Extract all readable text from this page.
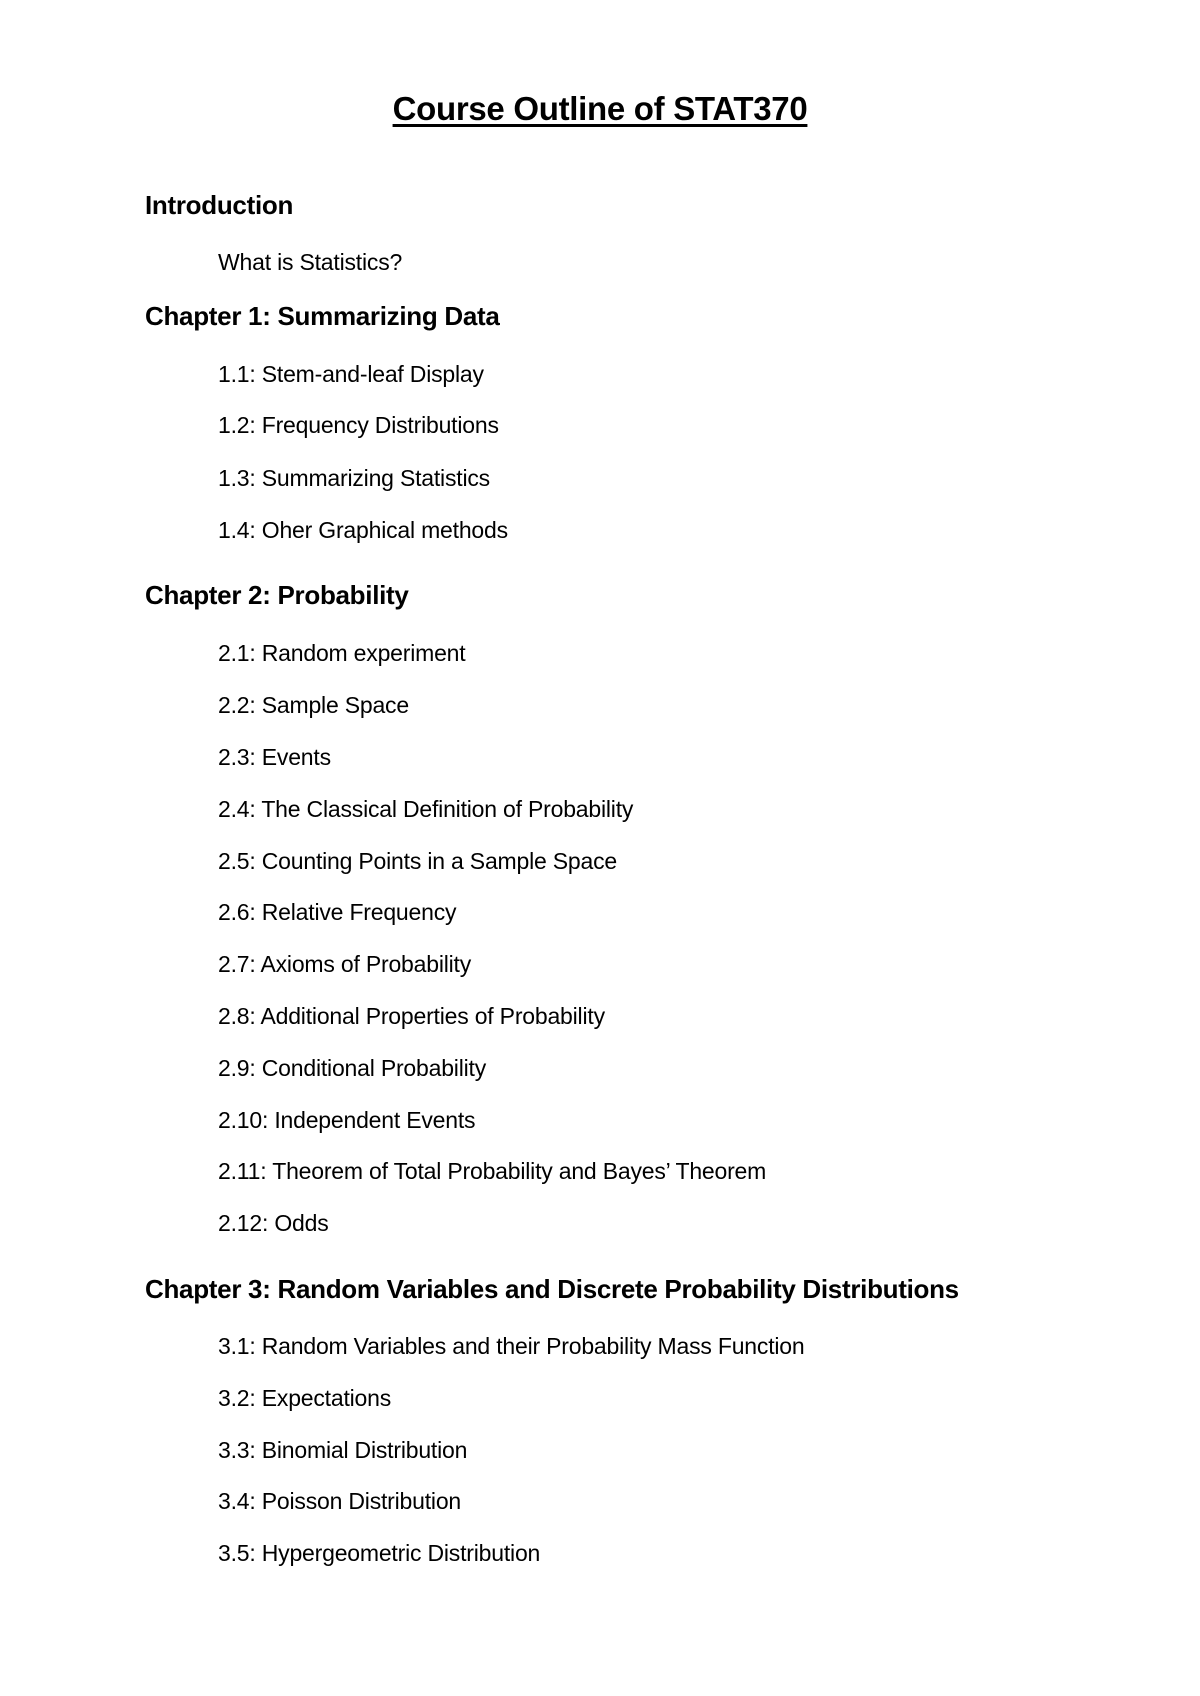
Course Outline of STAT370
Introduction
What is Statistics?
Chapter 1: Summarizing Data
1.1: Stem-and-leaf Display
1.2: Frequency Distributions
1.3: Summarizing Statistics
1.4: Oher Graphical methods
Chapter 2: Probability
2.1: Random experiment
2.2: Sample Space
2.3: Events
2.4: The Classical Definition of Probability
2.5: Counting Points in a Sample Space
2.6: Relative Frequency
2.7: Axioms of Probability
2.8: Additional Properties of Probability
2.9: Conditional Probability
2.10: Independent Events
2.11: Theorem of Total Probability and Bayes’ Theorem
2.12: Odds
Chapter 3: Random Variables and Discrete Probability Distributions
3.1: Random Variables and their Probability Mass Function
3.2: Expectations
3.3: Binomial Distribution
3.4: Poisson Distribution
3.5: Hypergeometric Distribution
